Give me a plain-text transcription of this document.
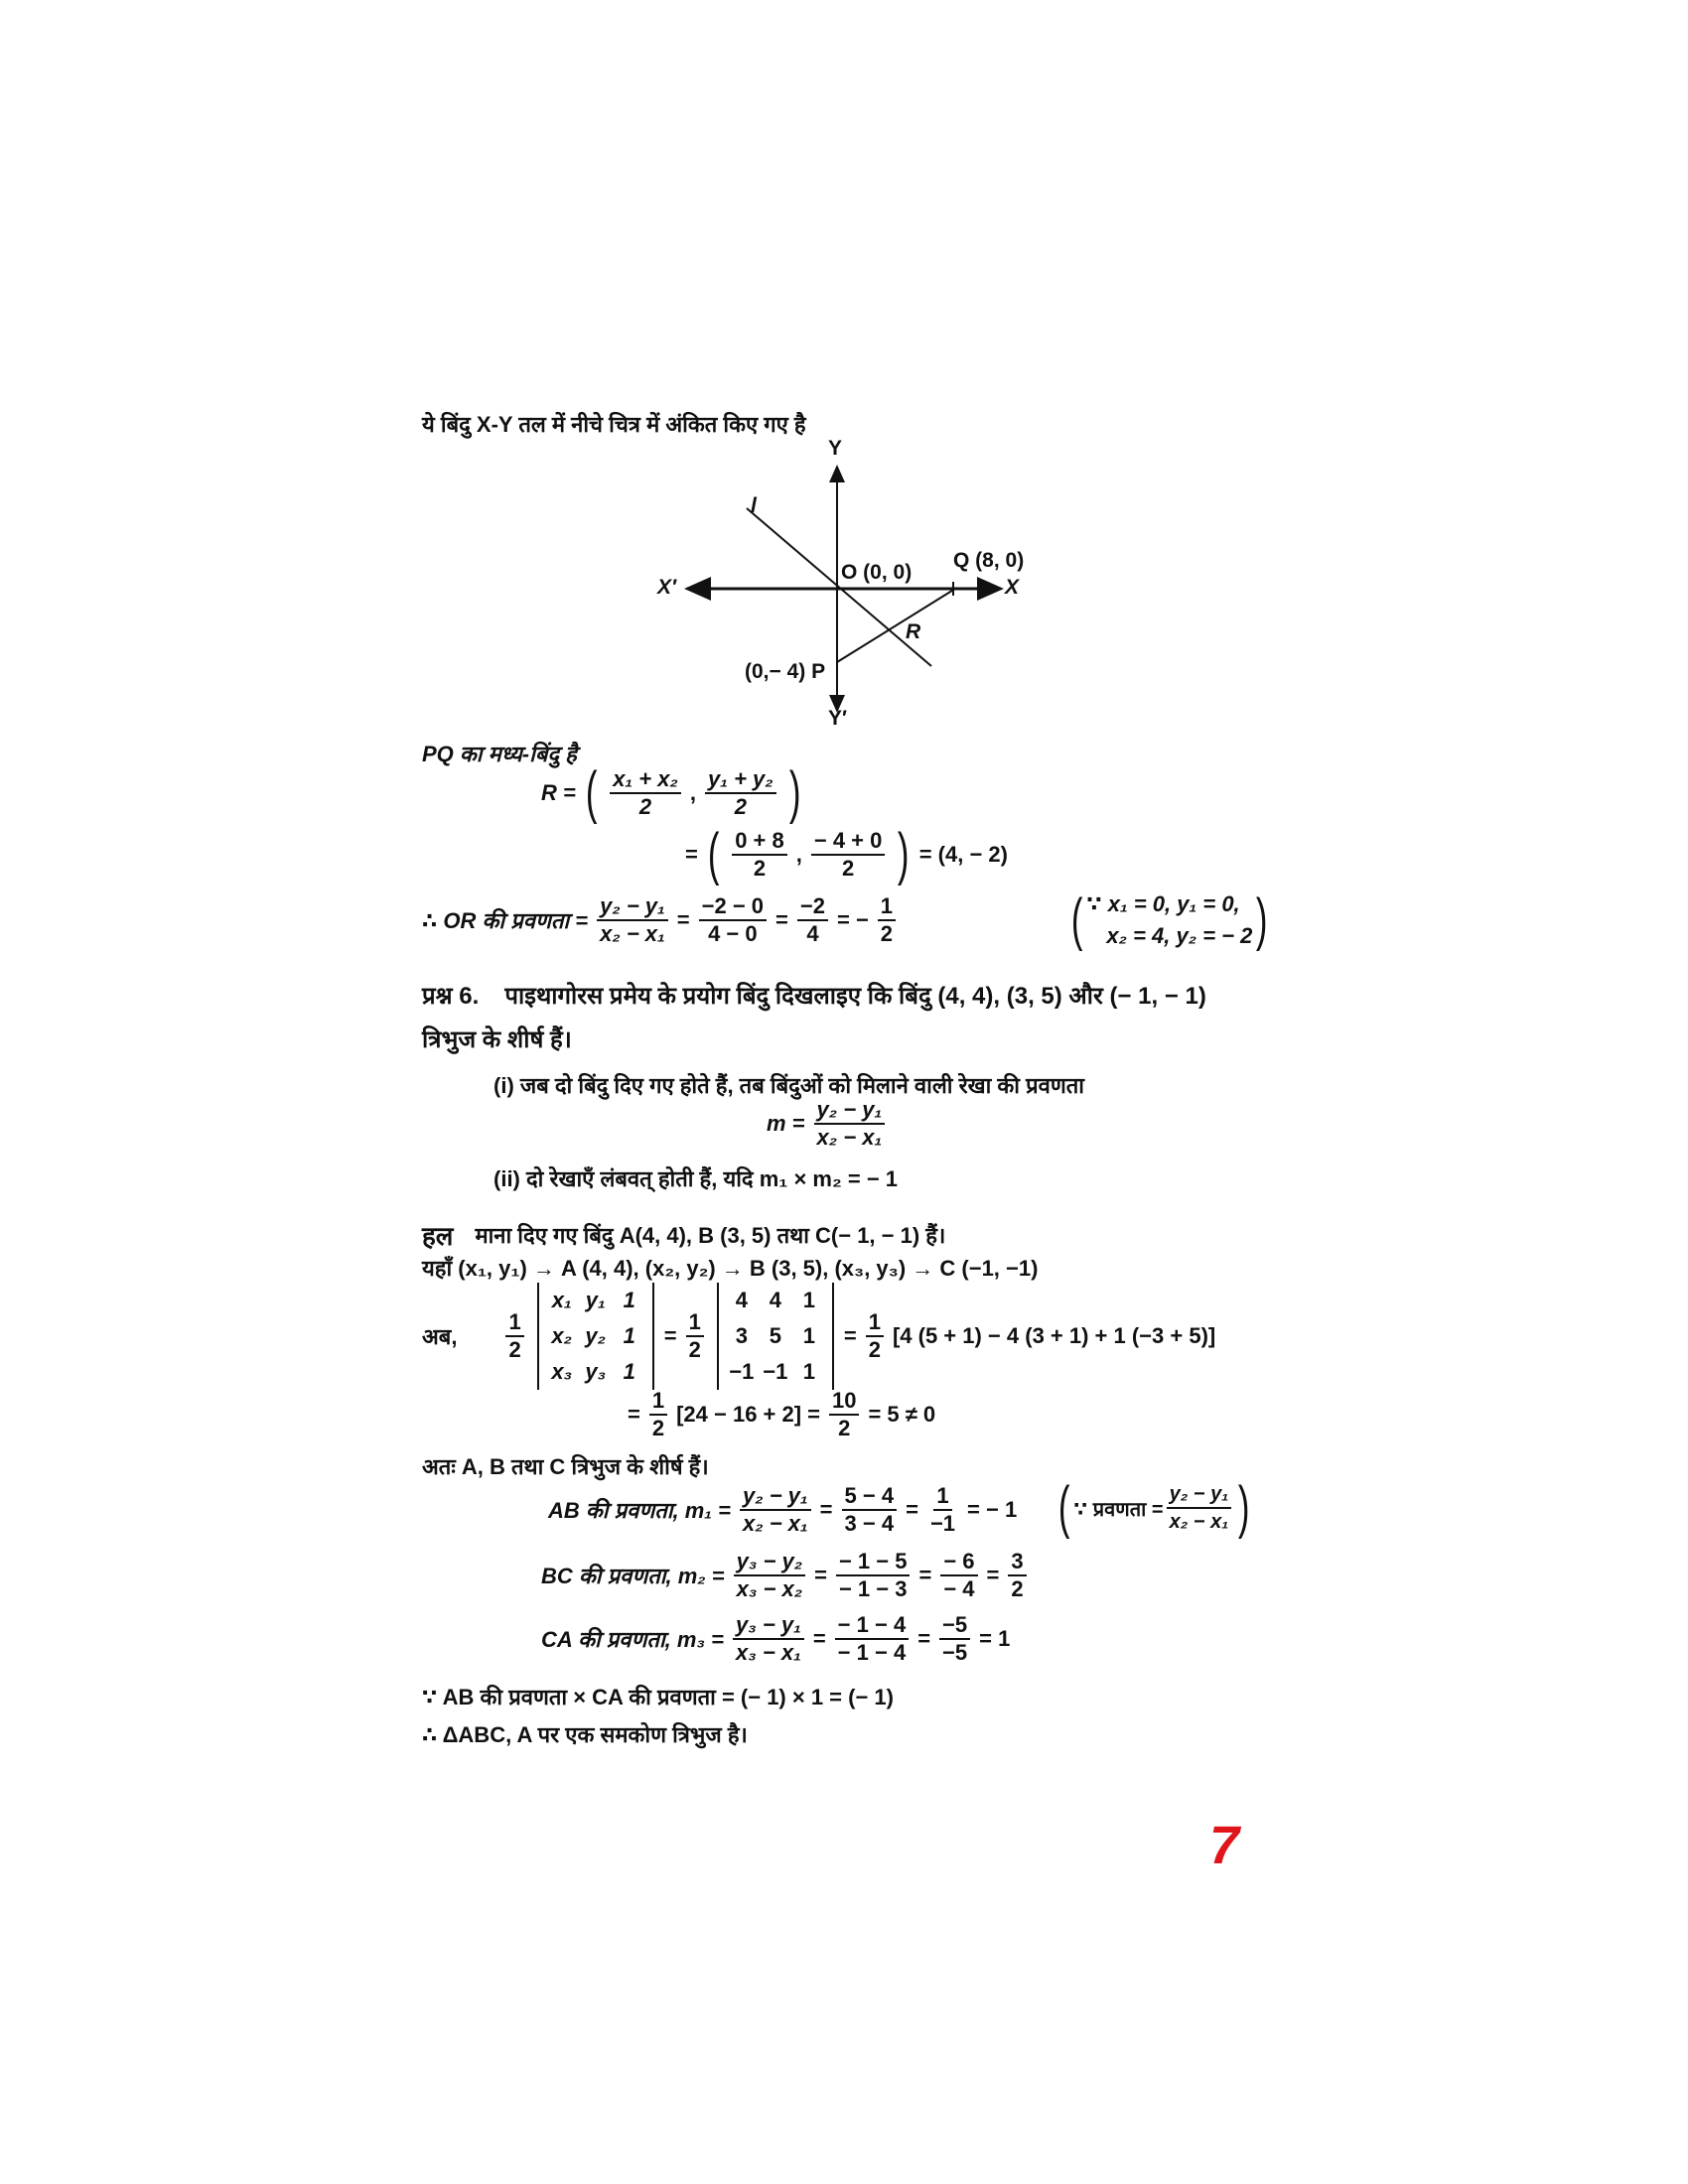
ये बिंदु X-Y तल में नीचे चित्र में अंकित किए गए है
Y
Y′
X
X′
l
O (0, 0)
Q (8, 0)
(0,− 4) P
R
PQ का मध्य-बिंदु है
R = ( $\frac{\text{x₁ + x₂}}{2}$ , $\frac{\text{y₁ + y₂}}{2}$ )
= ( $\frac{0 + 8}{2}$ , $\frac{- 4 + 0}{2}$ ) = (4, − 2)
∴ OR की प्रवणता = $\frac{\text{y₂ − y₁}}{\text{x₂ − x₁}} = \frac{-2 - 0}{4 - 0} = \frac{-2}{4}$ = − $\frac{1}{2}$	( ∵ x₁ = 0, y₁ = 0,
x₂ = 4, y₂ = − 2 )
प्रश्न 6. पाइथागोरस प्रमेय के प्रयोग बिंदु दिखलाइए कि बिंदु (4, 4), (3, 5) और (− 1, − 1)
त्रिभुज के शीर्ष हैं।
(i) जब दो बिंदु दिए गए होते हैं, तब बिंदुओं को मिलाने वाली रेखा की प्रवणता
$m = \frac{\text{y₂ − y₁}}{\text{x₂ − x₁}}$
(ii) दो रेखाएँ लंबवत् होती हैं, यदि m₁ × m₂ = − 1
हल माना दिए गए बिंदु A(4, 4), B (3, 5) तथा C(− 1, − 1) हैं।
यहाँ (x₁, y₁) → A (4, 4), (x₂, y₂) → B (3, 5), (x₃, y₃) → C (−1, −1)
अब, $\frac{1}{2}$
x₁ y₁ 1
x₂ y₂ 1
x₃ y₃ 1
= $\frac{1}{2}$
4 4 1
3 5 1
−1 −1 1
= $\frac{1}{2} [4$ (5 + 1) − 4 (3 + 1) + 1 (−3 + 5)]
= $\frac{1}{2} [24 - 16 + 2] = \frac{10}{2} = 5 \ne 0$
अतः A, B तथा C त्रिभुज के शीर्ष हैं।
AB की प्रवणता, $m_1 = \frac{\text{y₂ − y₁}}{\text{x₂ − x₁}} = \frac{5 - 4}{3 - 4} = \frac{1}{-1}$ = − 1 ( ∵ प्रवणता = $\frac{\text{y₂ − y₁}}{\text{x₂ − x₁}}$ )
BC की प्रवणता, $m_2 = \frac{\text{y₃ − y₂}}{\text{x₃ − x₂}} = \frac{- 1 - 5}{- 1 - 3} = \frac{- 6}{- 4} = \frac{3}{2}$
CA की प्रवणता, $m_3 = \frac{\text{y₃ − y₁}}{\text{x₃ − x₁}} = \frac{- 1 - 4}{- 1 - 4} = \frac{-5}{-5} = 1$
∵ AB की प्रवणता × CA की प्रवणता = (− 1) × 1 = (− 1)
∴ ΔABC, A पर एक समकोण त्रिभुज है।
7
